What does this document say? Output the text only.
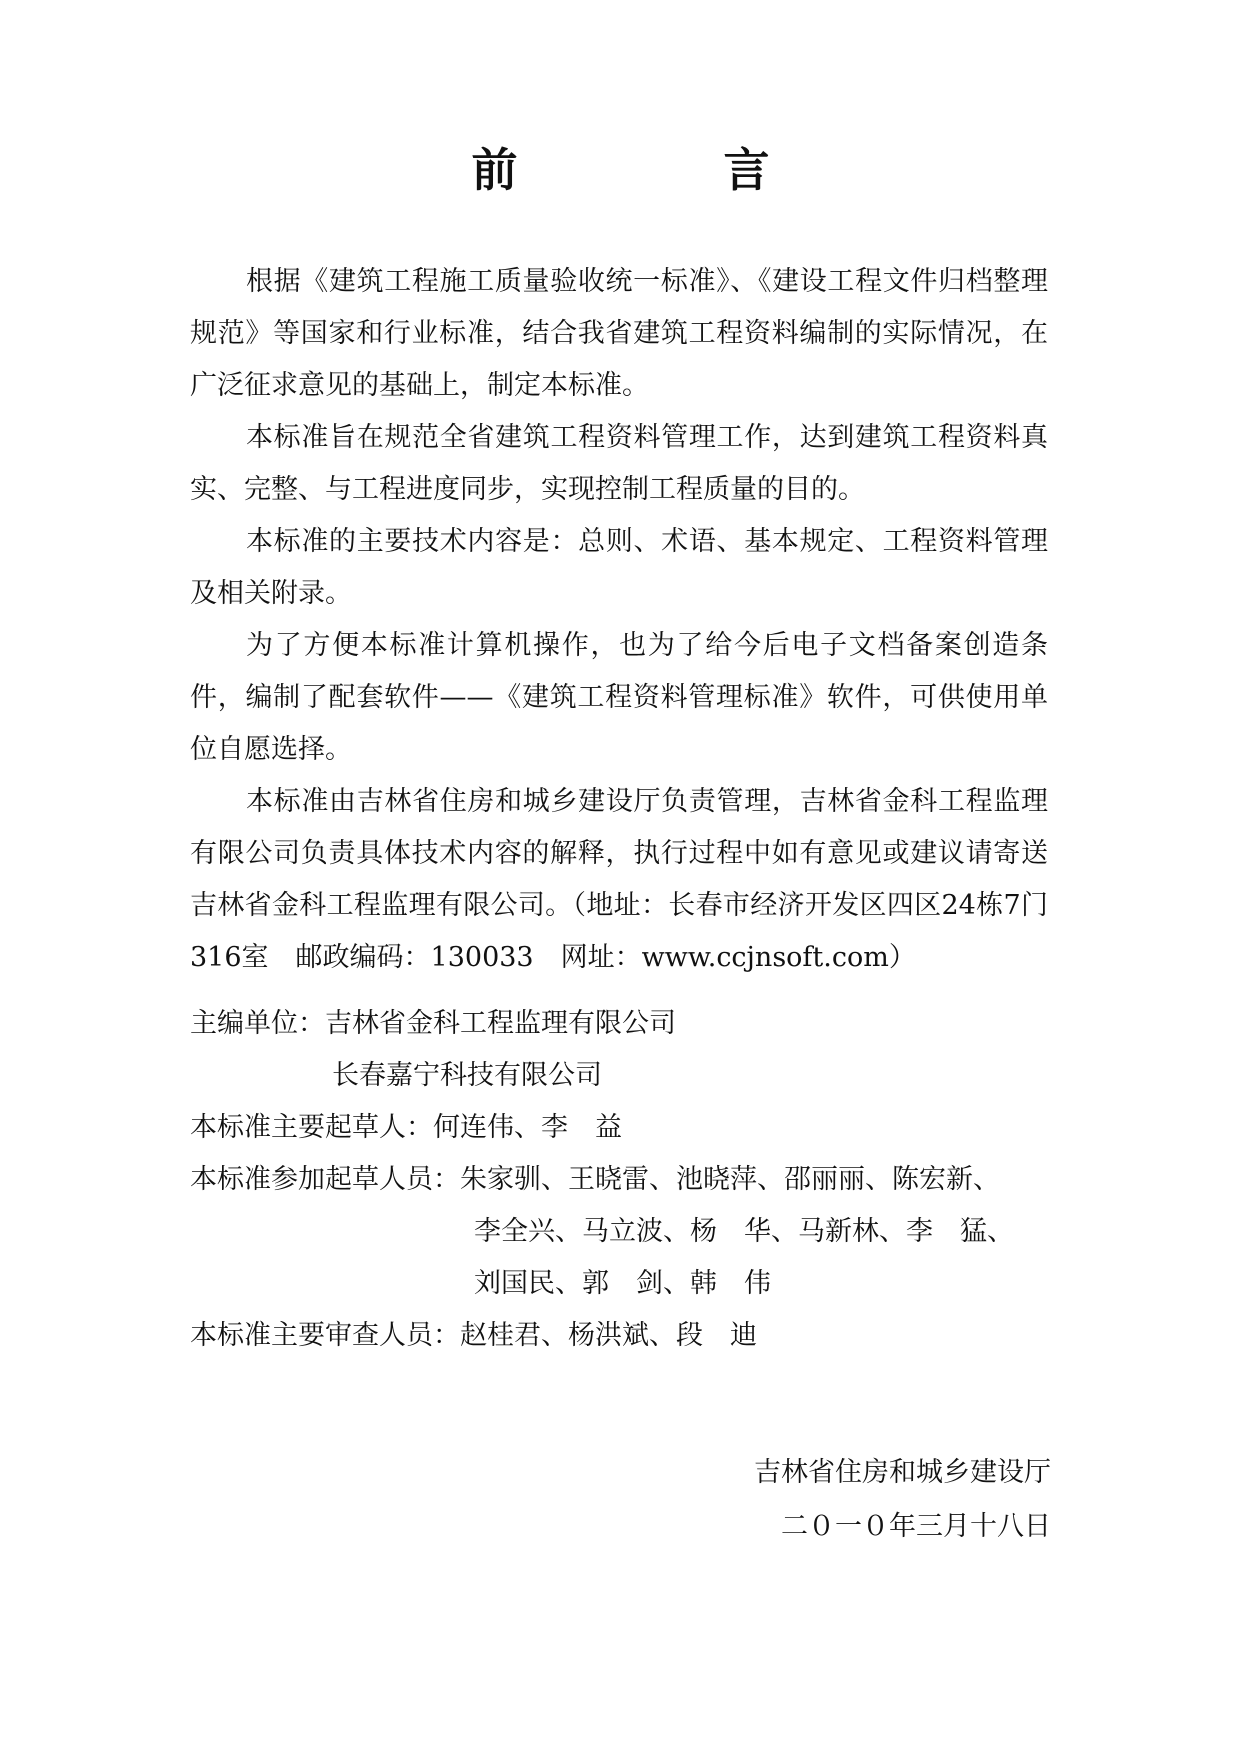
前　言

根据《建筑工程施工质量验收统一标准》、《建设工程文件归档整理规范》等国家和行业标准，结合我省建筑工程资料编制的实际情况，在广泛征求意见的基础上，制定本标准。

本标准旨在规范全省建筑工程资料管理工作，达到建筑工程资料真实、完整、与工程进度同步，实现控制工程质量的目的。

本标准的主要技术内容是：总则、术语、基本规定、工程资料管理及相关附录。

为了方便本标准计算机操作，也为了给今后电子文档备案创造条件，编制了配套软件——《建筑工程资料管理标准》软件，可供使用单位自愿选择。

本标准由吉林省住房和城乡建设厅负责管理，吉林省金科工程监理有限公司负责具体技术内容的解释，执行过程中如有意见或建议请寄送吉林省金科工程监理有限公司。（地址：长春市经济开发区四区24栋7门316室　邮政编码：130033　网址：www.ccjnsoft.com）

主编单位： 吉林省金科工程监理有限公司
长春嘉宁科技有限公司
本标准主要起草人： 何连伟、李　益
本标准参加起草人员： 朱家驯、王晓雷、池晓萍、邵丽丽、陈宏新、
李全兴、马立波、杨　华、马新林、李　猛、
刘国民、郭　剑、韩　伟
本标准主要审查人员： 赵桂君、杨洪斌、段　迪
吉林省住房和城乡建设厅
二０一０年三月十八日
